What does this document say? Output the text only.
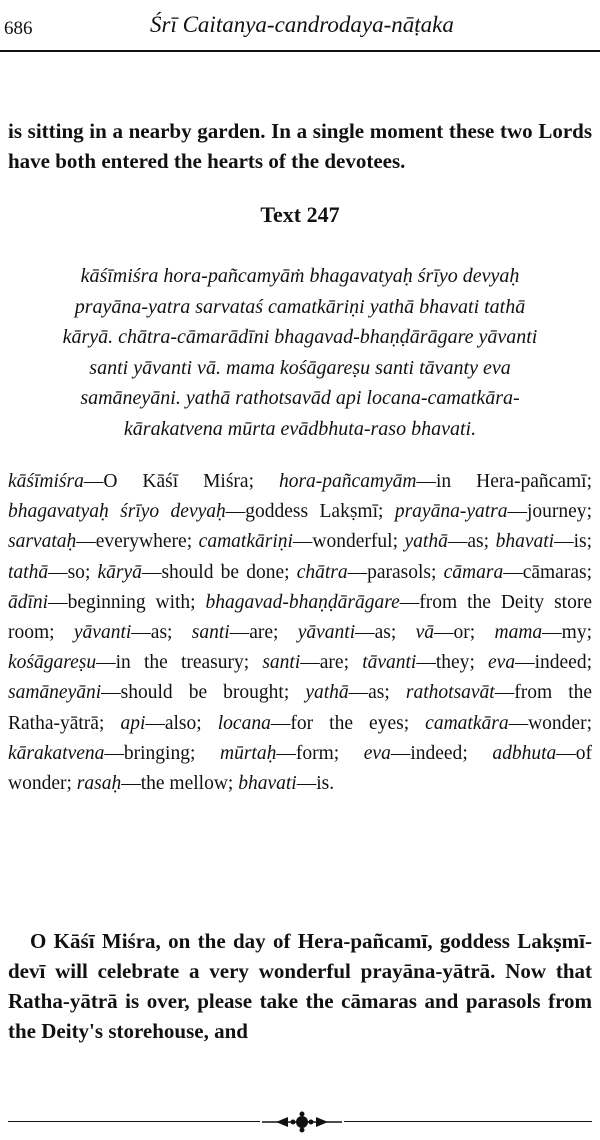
686	Śrī Caitanya-candrodaya-nāṭaka

is sitting in a nearby garden. In a single moment these two Lords have both entered the hearts of the devotees.

Text 247
kāśīmiśra hora-pañcamyāṁ bhagavatyaḥ śrīyo devyaḥ
prayāna-yatra sarvataś camatkāriṇi yathā bhavati tathā
kāryā. chātra-cāmarādīni bhagavad-bhaṇḍārāgare yāvanti
santi yāvanti vā. mama kośāgareṣu santi tāvanty eva
samāneyāni. yathā rathotsavād api locana-camatkāra-
kārakatvena mūrta evādbhuta-raso bhavati.

kāśīmiśra—O Kāśī Miśra; hora-pañcamyām—in Hera-pañcamī; bhagavatyaḥ śrīyo devyaḥ—goddess Lakṣmī; prayāna-yatra—journey; sarvataḥ—everywhere; camatkāriṇi—wonderful; yathā—as; bhavati—is; tathā—so; kāryā—should be done; chātra—parasols; cāmara—cāmaras; ādīni—beginning with; bhagavad-bhaṇḍārāgare—from the Deity store room; yāvanti—as; santi—are; yāvanti—as; vā—or; mama—my; kośāgareṣu—in the treasury; santi—are; tāvanti—they; eva—indeed; samāneyāni—should be brought; yathā—as; rathotsavāt—from the Ratha-yātrā; api—also; locana—for the eyes; camatkāra—wonder; kārakatvena—bringing; mūrtaḥ—form; eva—indeed; adbhuta—of wonder; rasaḥ—the mellow; bhavati—is.

O Kāśī Miśra, on the day of Hera-pañcamī, goddess Lakṣmī-devī will celebrate a very wonderful prayāna-yātrā. Now that Ratha-yātrā is over, please take the cāmaras and parasols from the Deity's storehouse, and
